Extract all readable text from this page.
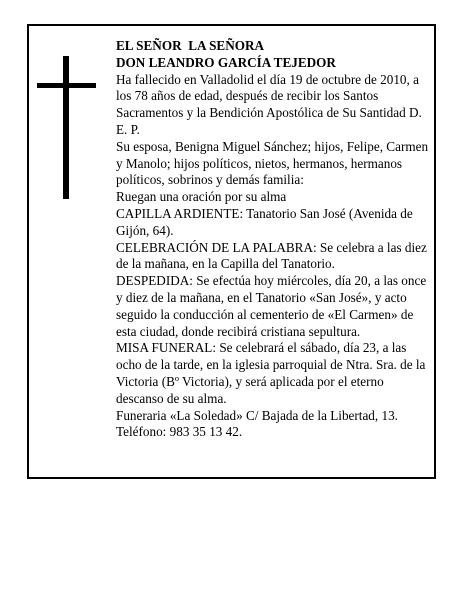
EL SEÑOR  LA SEÑORA

DON LEANDRO GARCÍA TEJEDOR

Ha fallecido en Valladolid el día 19 de octubre de 2010, a los 78 años de edad, después de recibir los Santos Sacramentos y la Bendición Apostólica de Su Santidad D. E. P.

Su esposa, Benigna Miguel Sánchez; hijos, Felipe, Carmen y Manolo; hijos políticos, nietos, hermanos, hermanos políticos, sobrinos y demás familia:

Ruegan una oración por su alma

CAPILLA ARDIENTE: Tanatorio San José (Avenida de Gijón, 64).

CELEBRACIÓN DE LA PALABRA: Se celebra a las diez de la mañana, en la Capilla del Tanatorio.

DESPEDIDA: Se efectúa hoy miércoles, día 20, a las once y diez de la mañana, en el Tanatorio «San José», y acto seguido la conducción al cementerio de «El Carmen» de esta ciudad, donde recibirá cristiana sepultura.

MISA FUNERAL: Se celebrará el sábado, día 23, a las ocho de la tarde, en la iglesia parroquial de Ntra. Sra. de la Victoria (Bº Victoria), y será aplicada por el eterno descanso de su alma.

Funeraria «La Soledad» C/ Bajada de la Libertad, 13.

Teléfono: 983 35 13 42.
